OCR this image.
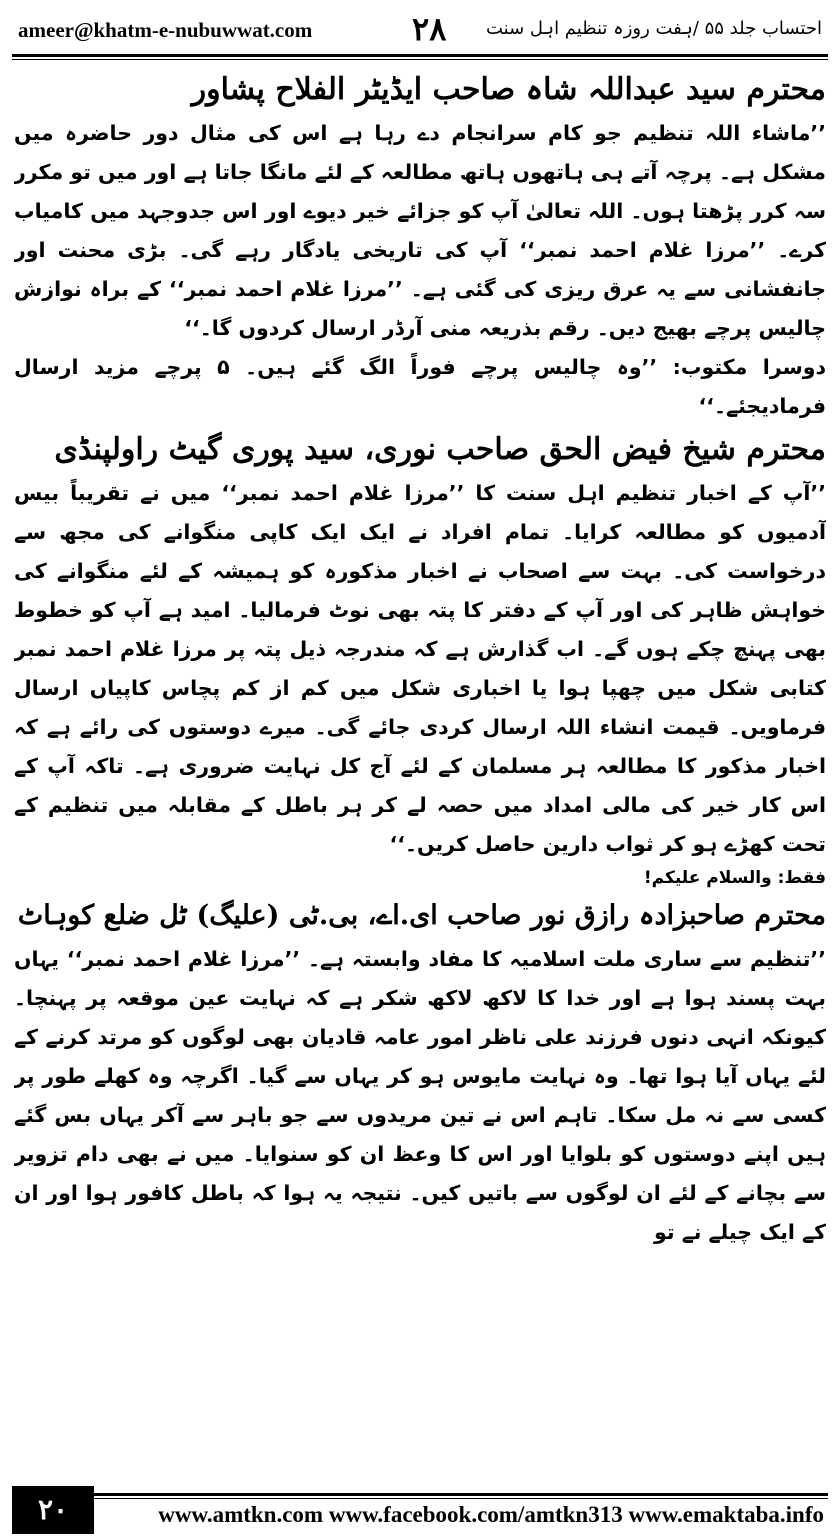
ameer@khatm-e-nubuwwat.com	۲۸ احتساب جلد ۵۵ /ہفت روزہ تنظیم اہل سنت
محترم سید عبداللہ شاہ صاحب ایڈیٹر الفلاح پشاور

’’ماشاء اللہ تنظیم جو کام سرانجام دے رہا ہے اس کی مثال دور حاضرہ میں مشکل ہے۔ پرچہ آتے ہی ہاتھوں ہاتھ مطالعہ کے لئے مانگا جاتا ہے اور میں تو مکرر سہ کرر پڑھتا ہوں۔ اللہ تعالیٰ آپ کو جزائے خیر دیوے اور اس جدوجہد میں کامیاب کرے۔ ’’مرزا غلام احمد نمبر‘‘ آپ کی تاریخی یادگار رہے گی۔ بڑی محنت اور جانفشانی سے یہ عرق ریزی کی گئی ہے۔ ’’مرزا غلام احمد نمبر‘‘ کے براہ نوازش چالیس پرچے بھیج دیں۔ رقم بذریعہ منی آرڈر ارسال کردوں گا۔‘‘

دوسرا مکتوب: ’’وہ چالیس پرچے فوراً الگ گئے ہیں۔ ۵ پرچے مزید ارسال فرمادیجئے۔‘‘

محترم شیخ فیض الحق صاحب نوری، سید پوری گیٹ راولپنڈی

’’آپ کے اخبار تنظیم اہل سنت کا ’’مرزا غلام احمد نمبر‘‘ میں نے تقریباً بیس آدمیوں کو مطالعہ کرایا۔ تمام افراد نے ایک ایک کاپی منگوانے کی مجھ سے درخواست کی۔ بہت سے اصحاب نے اخبار مذکورہ کو ہمیشہ کے لئے منگوانے کی خواہش ظاہر کی اور آپ کے دفتر کا پتہ بھی نوٹ فرمالیا۔ امید ہے آپ کو خطوط بھی پہنچ چکے ہوں گے۔ اب گذارش ہے کہ مندرجہ ذیل پتہ پر مرزا غلام احمد نمبر کتابی شکل میں چھپا ہوا یا اخباری شکل میں کم از کم پچاس کاپیاں ارسال فرماویں۔ قیمت انشاء اللہ ارسال کردی جائے گی۔ میرے دوستوں کی رائے ہے کہ اخبار مذکور کا مطالعہ ہر مسلمان کے لئے آج کل نہایت ضروری ہے۔ تاکہ آپ کے اس کار خیر کی مالی امداد میں حصہ لے کر ہر باطل کے مقابلہ میں تنظیم کے تحت کھڑے ہو کر ثواب دارین حاصل کریں۔‘‘

فقط: والسلام علیکم!

محترم صاحبزادہ رازق نور صاحب ای.اے، بی.ٹی (علیگ) ٹل ضلع کوہاٹ

’’تنظیم سے ساری ملت اسلامیہ کا مفاد وابستہ ہے۔ ’’مرزا غلام احمد نمبر‘‘ یہاں بہت پسند ہوا ہے اور خدا کا لاکھ لاکھ شکر ہے کہ نہایت عین موقعہ پر پہنچا۔ کیونکہ انہی دنوں فرزند علی ناظر امور عامہ قادیان بھی لوگوں کو مرتد کرنے کے لئے یہاں آیا ہوا تھا۔ وہ نہایت مایوس ہو کر یہاں سے گیا۔ اگرچہ وہ کھلے طور پر کسی سے نہ مل سکا۔ تاہم اس نے تین مریدوں سے جو باہر سے آکر یہاں بس گئے ہیں اپنے دوستوں کو بلوایا اور اس کا وعظ ان کو سنوایا۔ میں نے بھی دام تزویر سے بچانے کے لئے ان لوگوں سے باتیں کیں۔ نتیجہ یہ ہوا کہ باطل کافور ہوا اور ان کے ایک چیلے نے تو

۲۰	www.amtkn.com www.facebook.com/amtkn313 www.emaktaba.info
